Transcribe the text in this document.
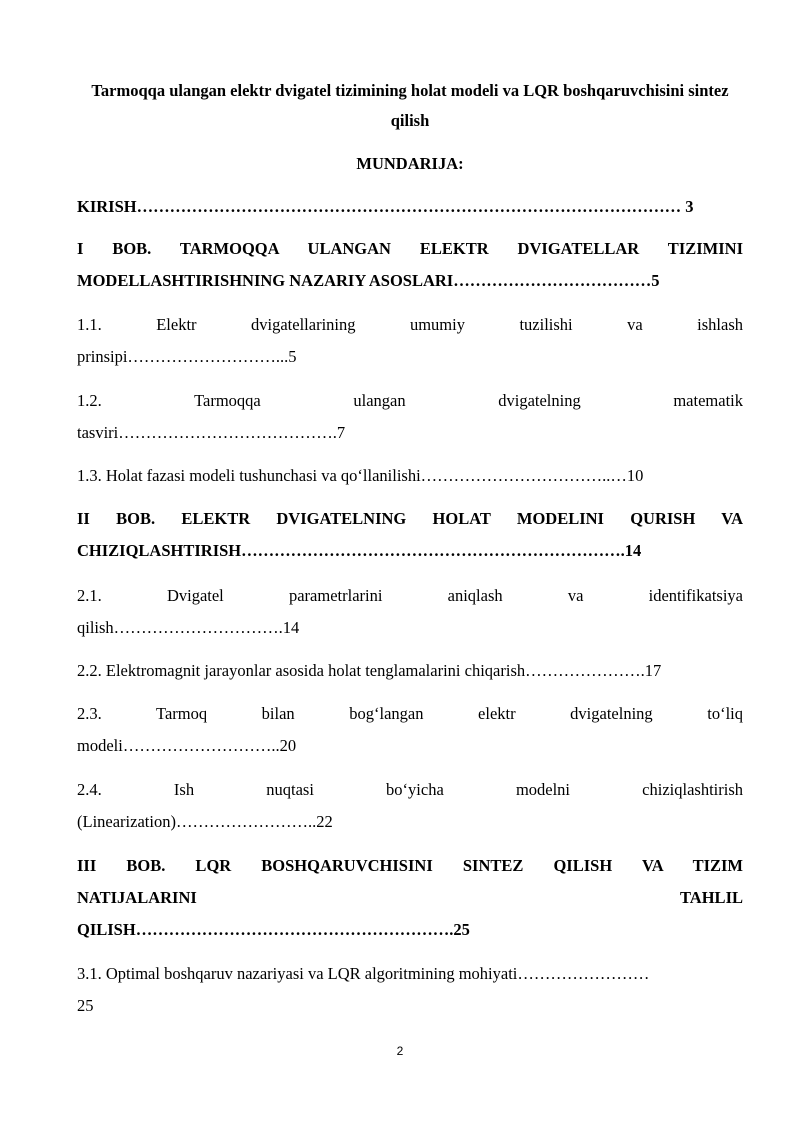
Tarmoqqa ulangan elektr dvigatel tizimining holat modeli va LQR boshqaruvchisini sintez qilish
MUNDARIJA:
KIRISH……………………………………………………………………………………… 3
I BOB. TARMOQQA ULANGAN ELEKTR DVIGATELLAR TIZIMINI
MODELLASHTIRISHNING NAZARIY ASOSLARI………………………………5
1.1. Elektr dvigatellarining umumiy tuzilishi va ishlash
prinsipi………………………...5
1.2. Tarmoqqa ulangan dvigatelning matematik
tasviri………………………………….7
1.3. Holat fazasi modeli tushunchasi va qo‘llanilishi……………………………..…10
II BOB. ELEKTR DVIGATELNING HOLAT MODELINI QURISH VA
CHIZIQLASHTIRISH…………………………………………………………….14
2.1. Dvigatel parametrlarini aniqlash va identifikatsiya
qilish………………………….14
2.2. Elektromagnit jarayonlar asosida holat tenglamalarini chiqarish………………….17
2.3. Tarmoq bilan bog‘langan elektr dvigatelning to‘liq
modeli………………………..20
2.4. Ish nuqtasi bo‘yicha modelni chiziqlashtirish
(Linearization)……………………..22
III BOB. LQR BOSHQARUVCHISINI SINTEZ QILISH VA TIZIM
NATIJALARINI TAHLIL
QILISH………………………………………………….25
3.1. Optimal boshqaruv nazariyasi va LQR algoritmining mohiyati……………………
25
2
